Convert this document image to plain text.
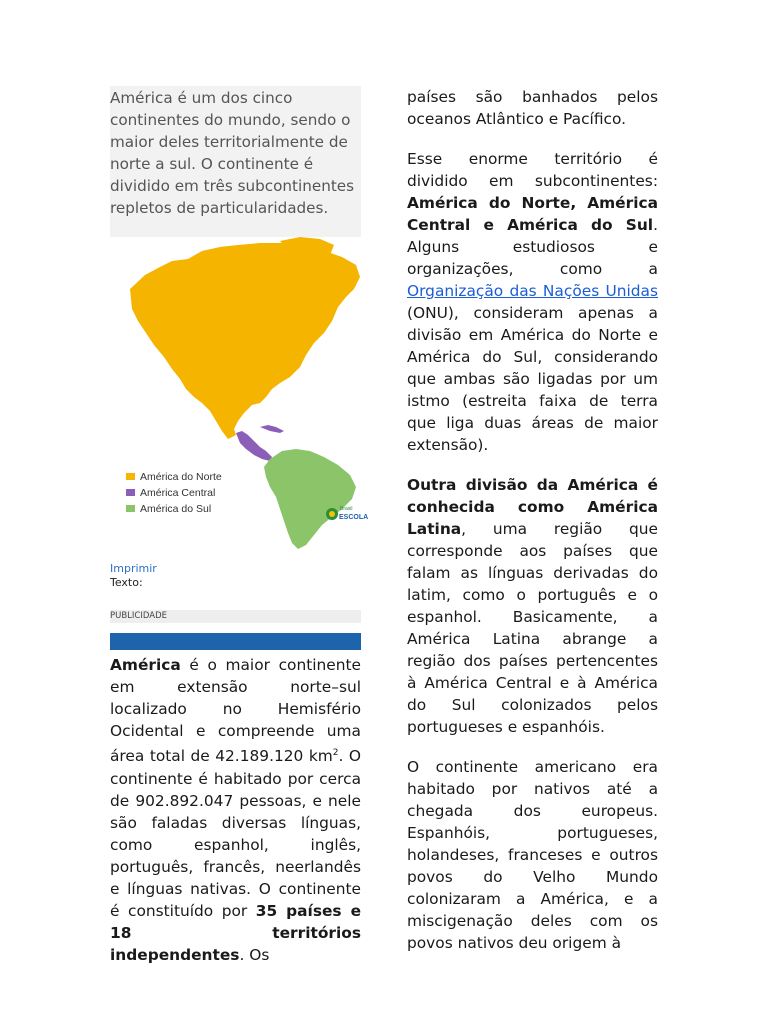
América é um dos cinco continentes do mundo, sendo o maior deles territorialmente de norte a sul. O continente é dividido em três subcontinentes repletos de particularidades.

América do Norte
América Central
América do Sul	Brasil
ESCOLA
Imprimir
Texto:
PUBLICIDADE

América é o maior continente em extensão norte–sul localizado no Hemisfério Ocidental e compreende uma área total de 42.189.120 $km^2$. O continente é habitado por cerca de 902.892.047 pessoas, e nele são faladas diversas línguas, como espanhol, inglês, português, francês, neerlandês e línguas nativas. O continente é constituído por 35 países e 18 territórios independentes. Os

países são banhados pelos oceanos Atlântico e Pacífico.

Esse enorme território é dividido em subcontinentes: América do Norte, América Central e América do Sul. Alguns estudiosos e organizações, como a Organização das Nações Unidas (ONU), consideram apenas a divisão em América do Norte e América do Sul, considerando que ambas são ligadas por um istmo (estreita faixa de terra que liga duas áreas de maior extensão).

Outra divisão da América é conhecida como América Latina, uma região que corresponde aos países que falam as línguas derivadas do latim, como o português e o espanhol. Basicamente, a América Latina abrange a região dos países pertencentes à América Central e à América do Sul colonizados pelos portugueses e espanhóis.

O continente americano era habitado por nativos até a chegada dos europeus. Espanhóis, portugueses, holandeses, franceses e outros povos do Velho Mundo colonizaram a América, e a miscigenação deles com os povos nativos deu origem à
